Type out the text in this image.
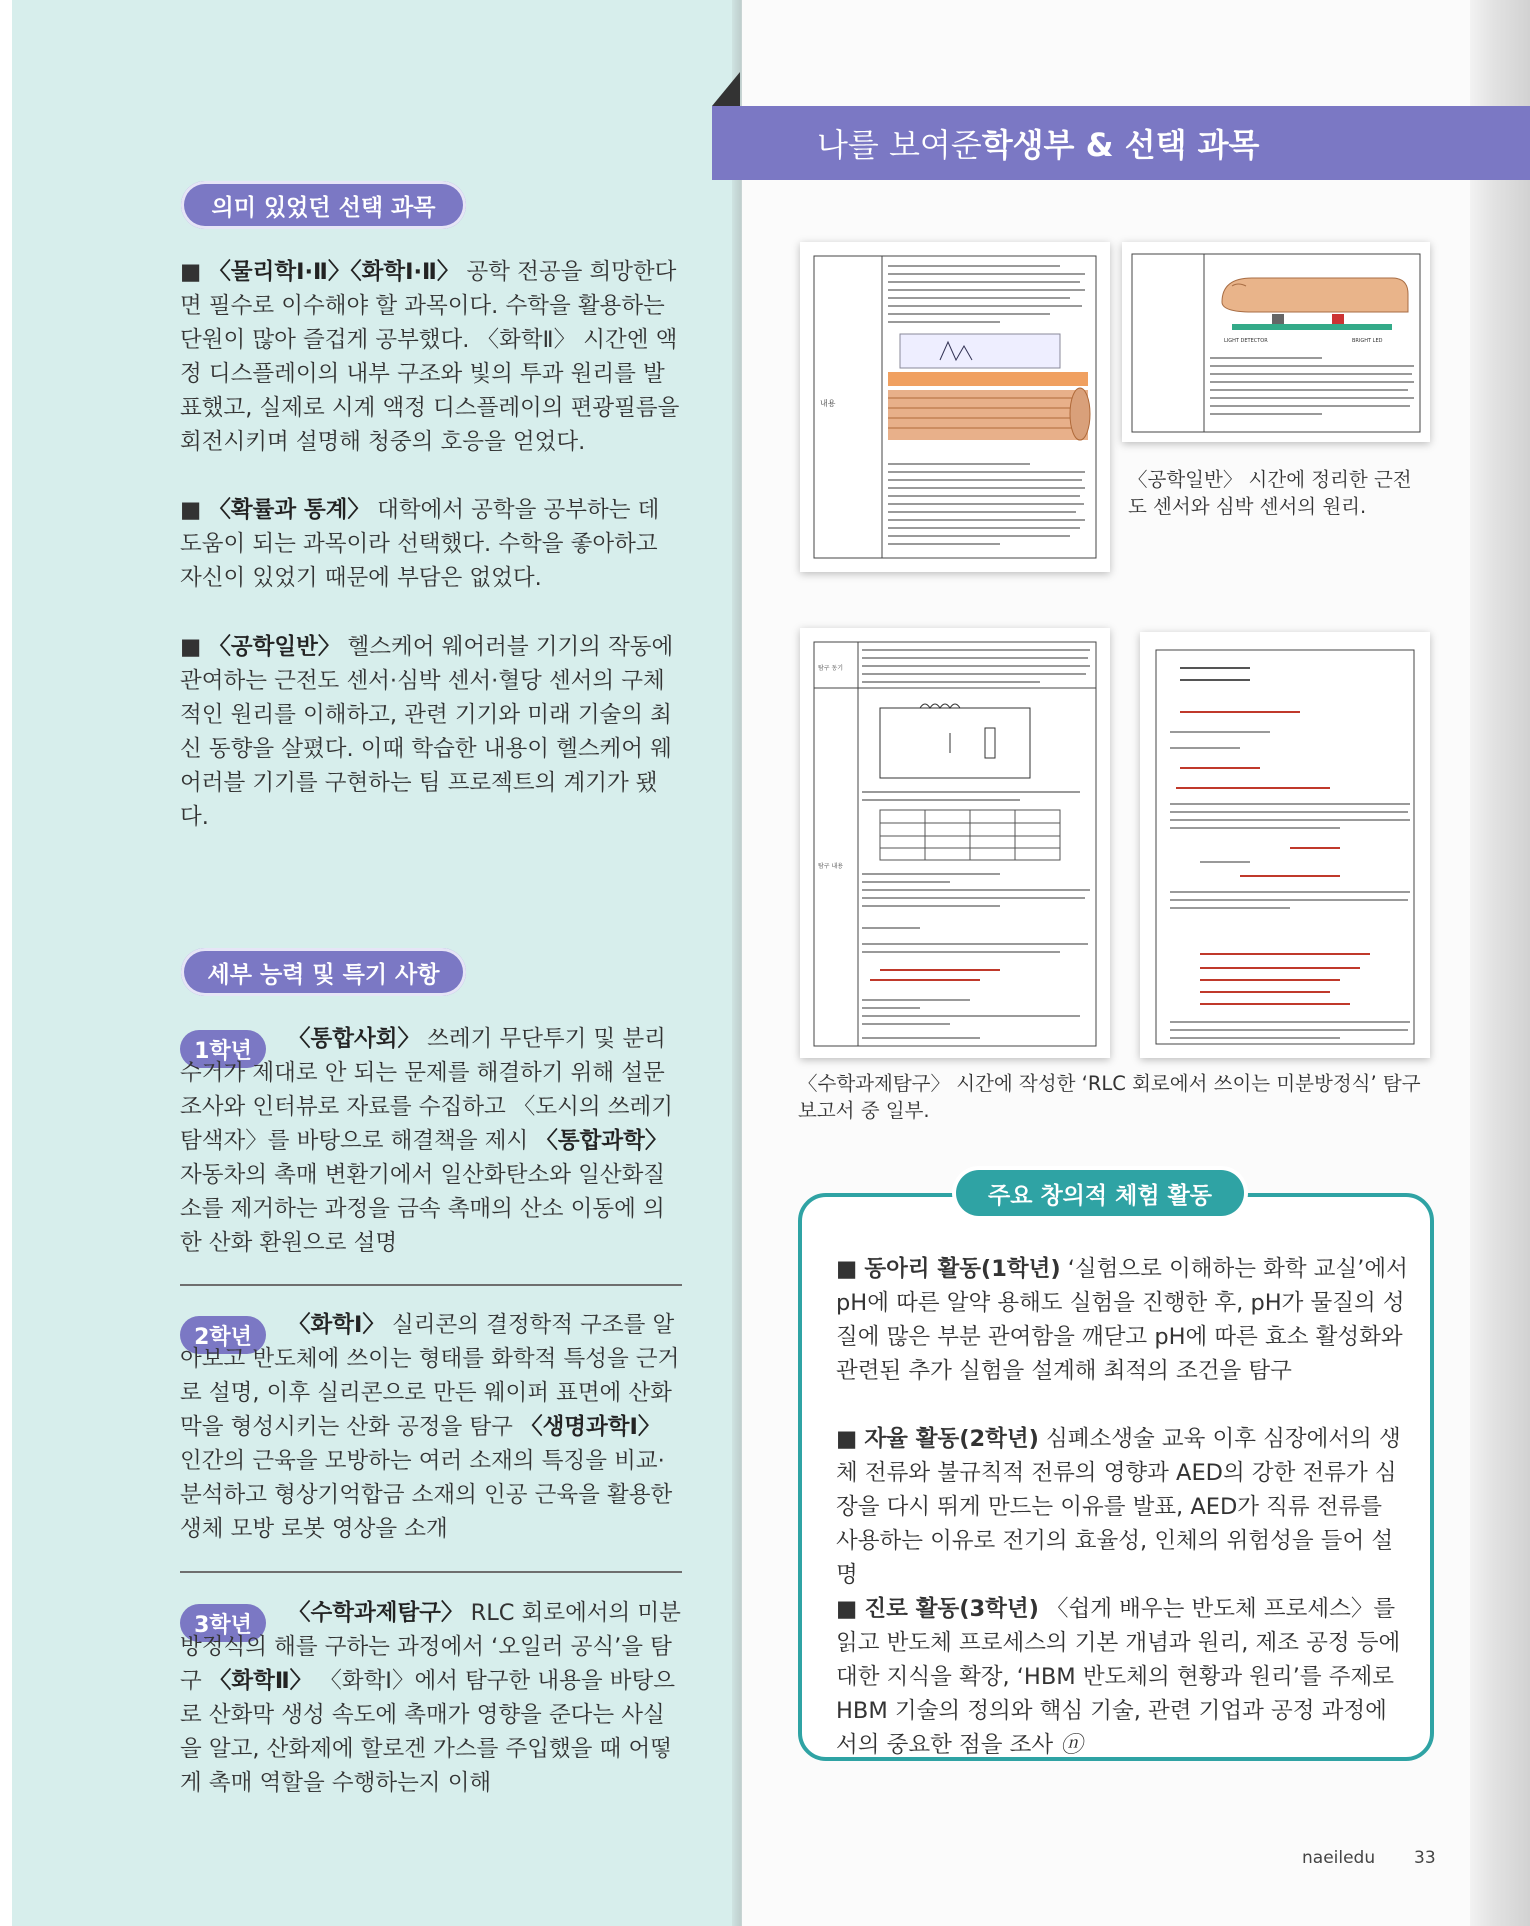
의미 있었던 선택 과목
■ 〈물리학Ⅰ·Ⅱ〉〈화학Ⅰ·Ⅱ〉 공학 전공을 희망한다면 필수로 이수해야 할 과목이다. 수학을 활용하는 단원이 많아 즐겁게 공부했다. 〈화학Ⅱ〉 시간엔 액정 디스플레이의 내부 구조와 빛의 투과 원리를 발표했고, 실제로 시계 액정 디스플레이의 편광필름을 회전시키며 설명해 청중의 호응을 얻었다.
■ 〈확률과 통계〉 대학에서 공학을 공부하는 데 도움이 되는 과목이라 선택했다. 수학을 좋아하고 자신이 있었기 때문에 부담은 없었다.
■ 〈공학일반〉 헬스케어 웨어러블 기기의 작동에 관여하는 근전도 센서·심박 센서·혈당 센서의 구체적인 원리를 이해하고, 관련 기기와 미래 기술의 최신 동향을 살폈다. 이때 학습한 내용이 헬스케어 웨어러블 기기를 구현하는 팀 프로젝트의 계기가 됐다.
세부 능력 및 특기 사항
1학년	〈통합사회〉 쓰레기 무단투기 및 분리수거가 제대로 안 되는 문제를 해결하기 위해 설문 조사와 인터뷰로 자료를 수집하고 〈도시의 쓰레기 탐색자〉를 바탕으로 해결책을 제시 〈통합과학〉 자동차의 촉매 변환기에서 일산화탄소와 일산화질소를 제거하는 과정을 금속 촉매의 산소 이동에 의한 산화 환원으로 설명
2학년	〈화학Ⅰ〉 실리콘의 결정학적 구조를 알아보고 반도체에 쓰이는 형태를 화학적 특성을 근거로 설명, 이후 실리콘으로 만든 웨이퍼 표면에 산화막을 형성시키는 산화 공정을 탐구 〈생명과학Ⅰ〉 인간의 근육을 모방하는 여러 소재의 특징을 비교·분석하고 형상기억합금 소재의 인공 근육을 활용한 생체 모방 로봇 영상을 소개
3학년	〈수학과제탐구〉 RLC 회로에서의 미분방정식의 해를 구하는 과정에서 ‘오일러 공식’을 탐구 〈화학Ⅱ〉 〈화학Ⅰ〉에서 탐구한 내용을 바탕으로 산화막 생성 속도에 촉매가 영향을 준다는 사실을 알고, 산화제에 할로겐 가스를 주입했을 때 어떻게 촉매 역할을 수행하는지 이해
나를 보여준 학생부 & 선택 과목
내용
LIGHT DETECTOR	BRIGHT LED
〈공학일반〉 시간에 정리한 근전도 센서와 심박 센서의 원리.
탐구 동기
탐구 내용
〈수학과제탐구〉 시간에 작성한 ‘RLC 회로에서 쓰이는 미분방정식’ 탐구 보고서 중 일부.
주요 창의적 체험 활동
■ 동아리 활동(1학년) ‘실험으로 이해하는 화학 교실’에서 pH에 따른 알약 용해도 실험을 진행한 후, pH가 물질의 성질에 많은 부분 관여함을 깨닫고 pH에 따른 효소 활성화와 관련된 추가 실험을 설계해 최적의 조건을 탐구
■ 자율 활동(2학년) 심폐소생술 교육 이후 심장에서의 생체 전류와 불규칙적 전류의 영향과 AED의 강한 전류가 심장을 다시 뛰게 만드는 이유를 발표, AED가 직류 전류를 사용하는 이유로 전기의 효율성, 인체의 위험성을 들어 설명
■ 진로 활동(3학년) 〈쉽게 배우는 반도체 프로세스〉를 읽고 반도체 프로세스의 기본 개념과 원리, 제조 공정 등에 대한 지식을 확장, ‘HBM 반도체의 현황과 원리’를 주제로 HBM 기술의 정의와 핵심 기술, 관련 기업과 공정 과정에서의 중요한 점을 조사 ⓝ
naeiledu 33
